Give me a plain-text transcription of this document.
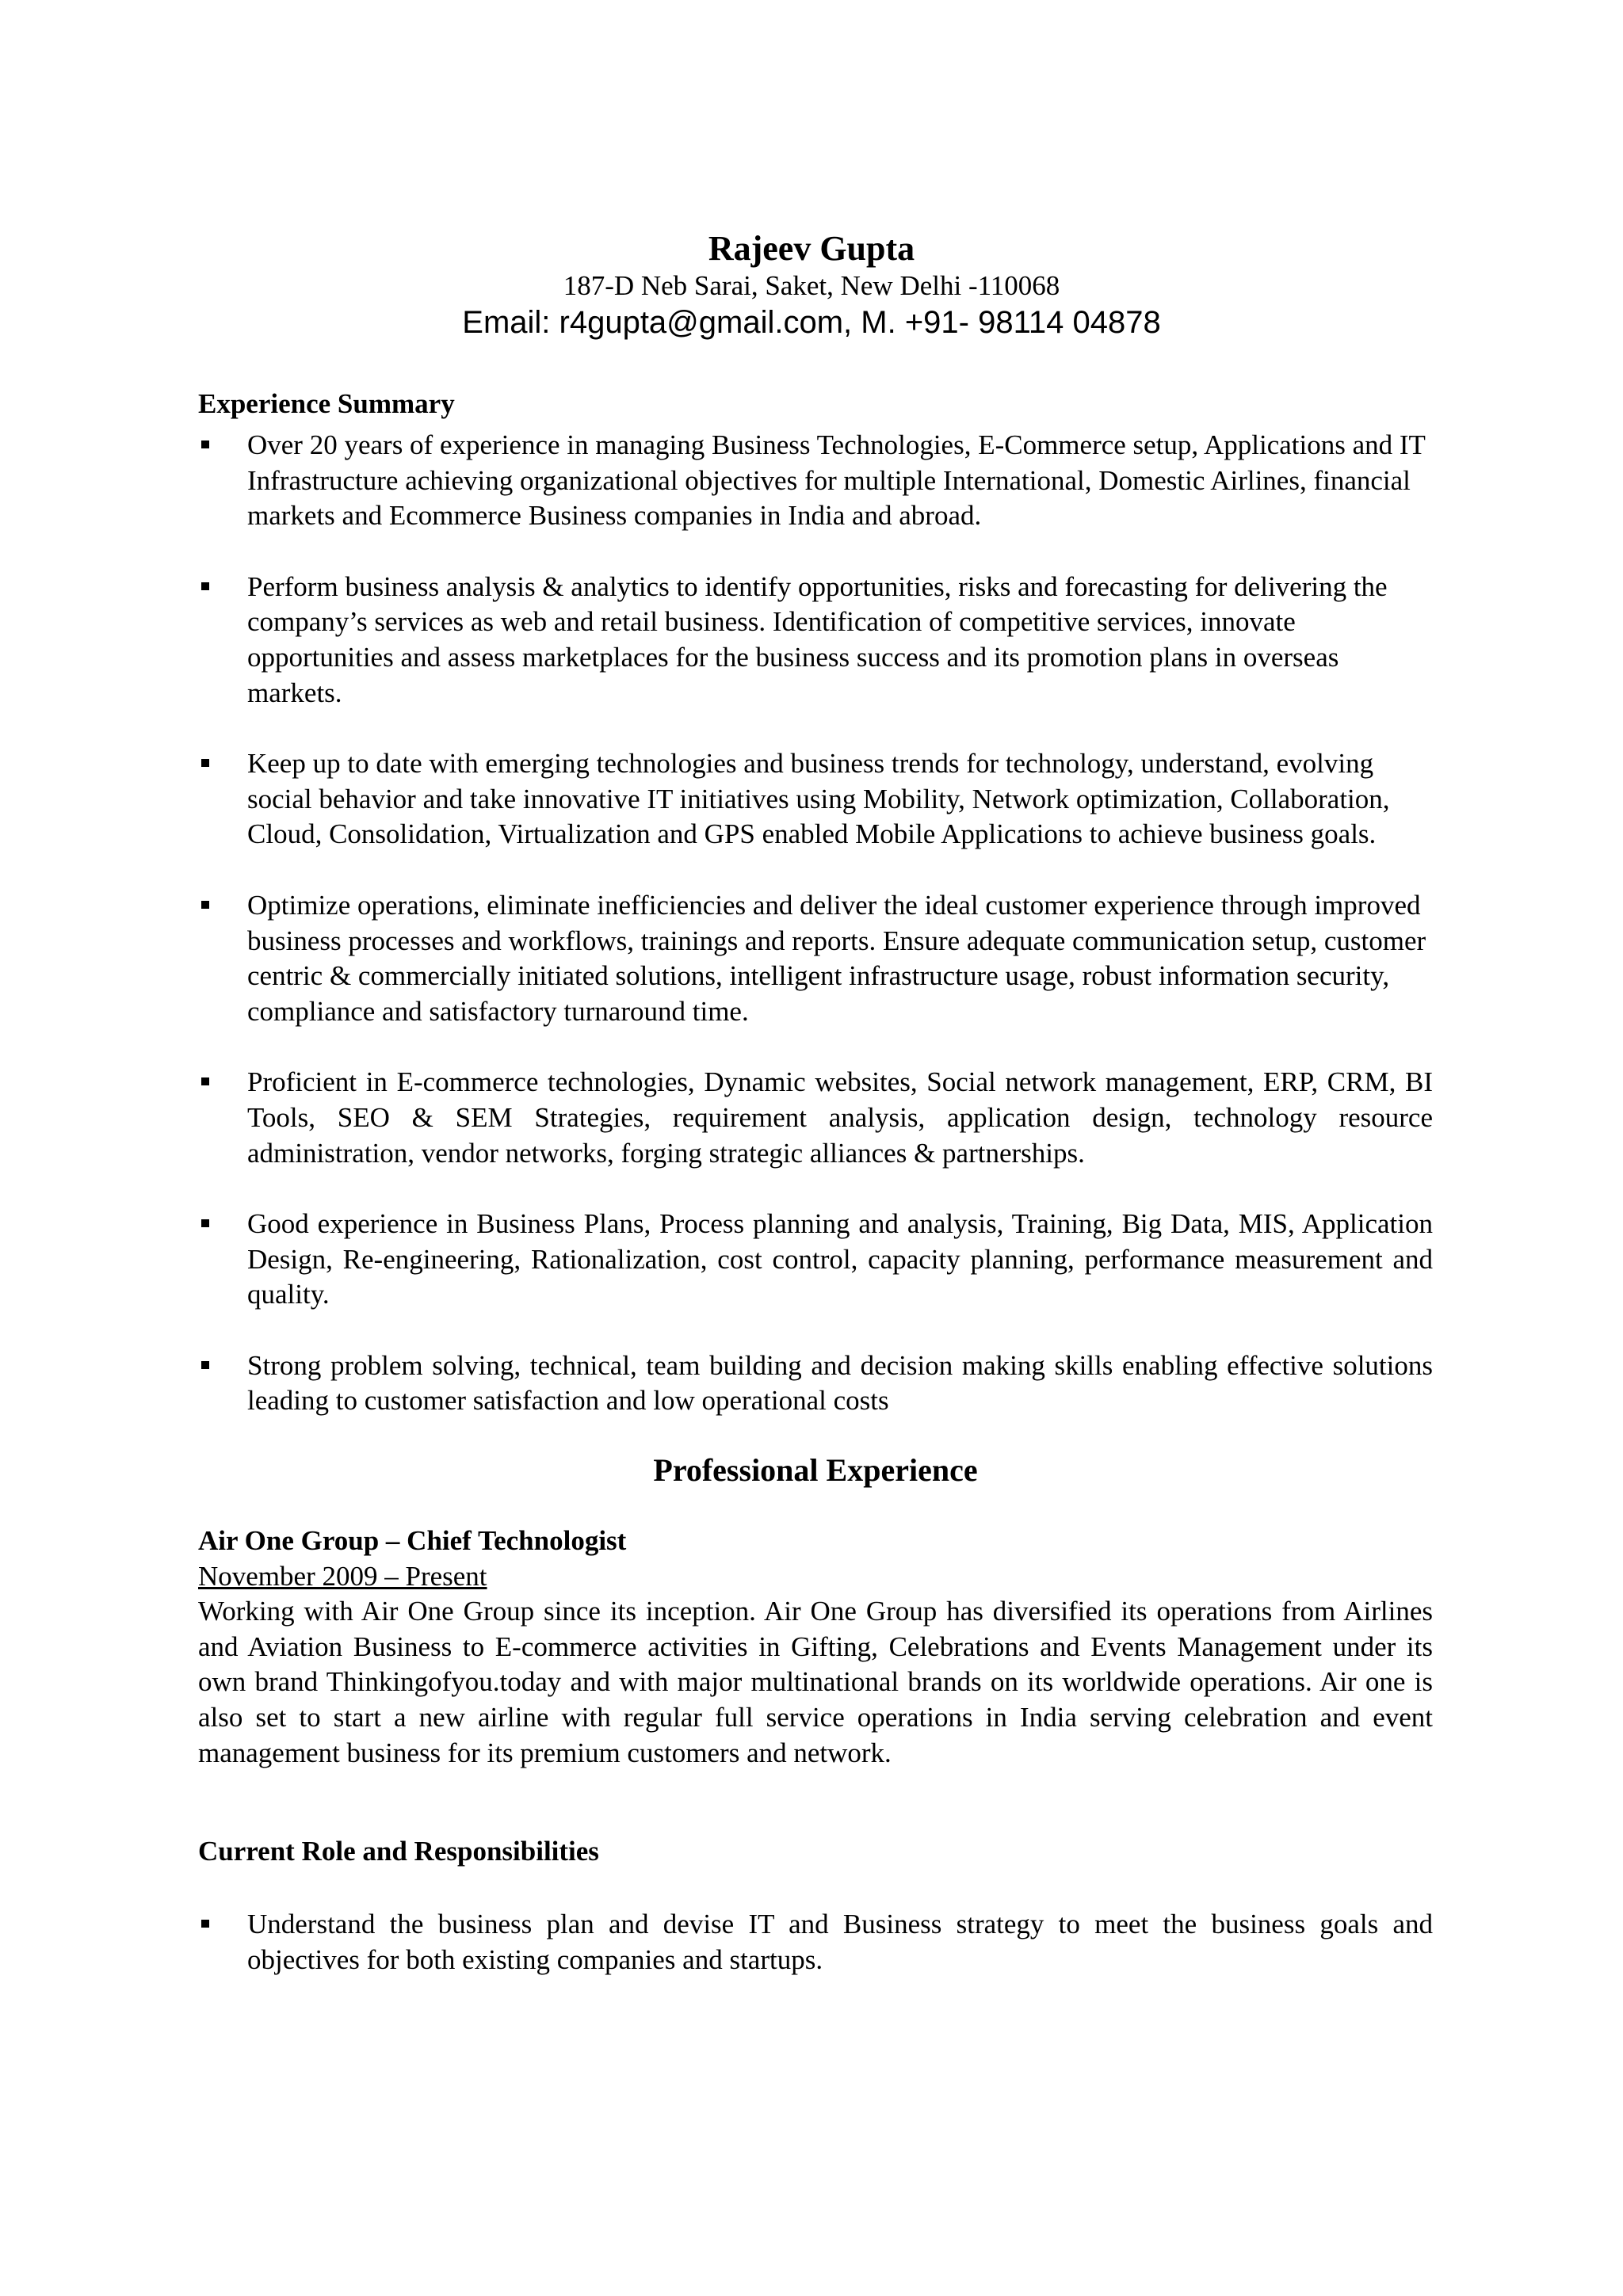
Rajeev Gupta
187-D Neb Sarai, Saket, New Delhi -110068
Email: r4gupta@gmail.com, M. +91- 98114 04878
Experience Summary
Over 20 years of experience in managing Business Technologies, E-Commerce setup, Applications and IT Infrastructure achieving organizational objectives for multiple International, Domestic Airlines, financial markets and Ecommerce Business companies in India and abroad.
Perform business analysis & analytics to identify opportunities, risks and forecasting for delivering the company’s services as web and retail business. Identification of competitive services, innovate opportunities and assess marketplaces for the business success and its promotion plans in overseas markets.
Keep up to date with emerging technologies and business trends for technology, understand, evolving social behavior and take innovative IT initiatives using Mobility, Network optimization, Collaboration, Cloud, Consolidation, Virtualization and GPS enabled Mobile Applications to achieve business goals.
Optimize operations, eliminate inefficiencies and deliver the ideal customer experience through improved business processes and workflows, trainings and reports. Ensure adequate communication setup, customer centric & commercially initiated solutions, intelligent infrastructure usage, robust information security, compliance and satisfactory turnaround time.
Proficient in E-commerce technologies, Dynamic websites, Social network management, ERP, CRM, BI Tools, SEO & SEM Strategies, requirement analysis, application design, technology resource administration, vendor networks, forging strategic alliances & partnerships.
Good experience in Business Plans, Process planning and analysis, Training, Big Data, MIS, Application Design, Re-engineering, Rationalization, cost control, capacity planning, performance measurement and quality.
Strong problem solving, technical, team building and decision making skills enabling effective solutions leading to customer satisfaction and low operational costs
Professional Experience
Air One Group – Chief Technologist
November 2009 – Present
Working with Air One Group since its inception. Air One Group has diversified its operations from Airlines and Aviation Business to E-commerce activities in Gifting, Celebrations and Events Management under its own brand Thinkingofyou.today and with major multinational brands on its worldwide operations. Air one is also set to start a new airline with regular full service operations in India serving celebration and event management business for its premium customers and network.
Current Role and Responsibilities
Understand the business plan and devise IT and Business strategy to meet the business goals and objectives for both existing companies and startups.
